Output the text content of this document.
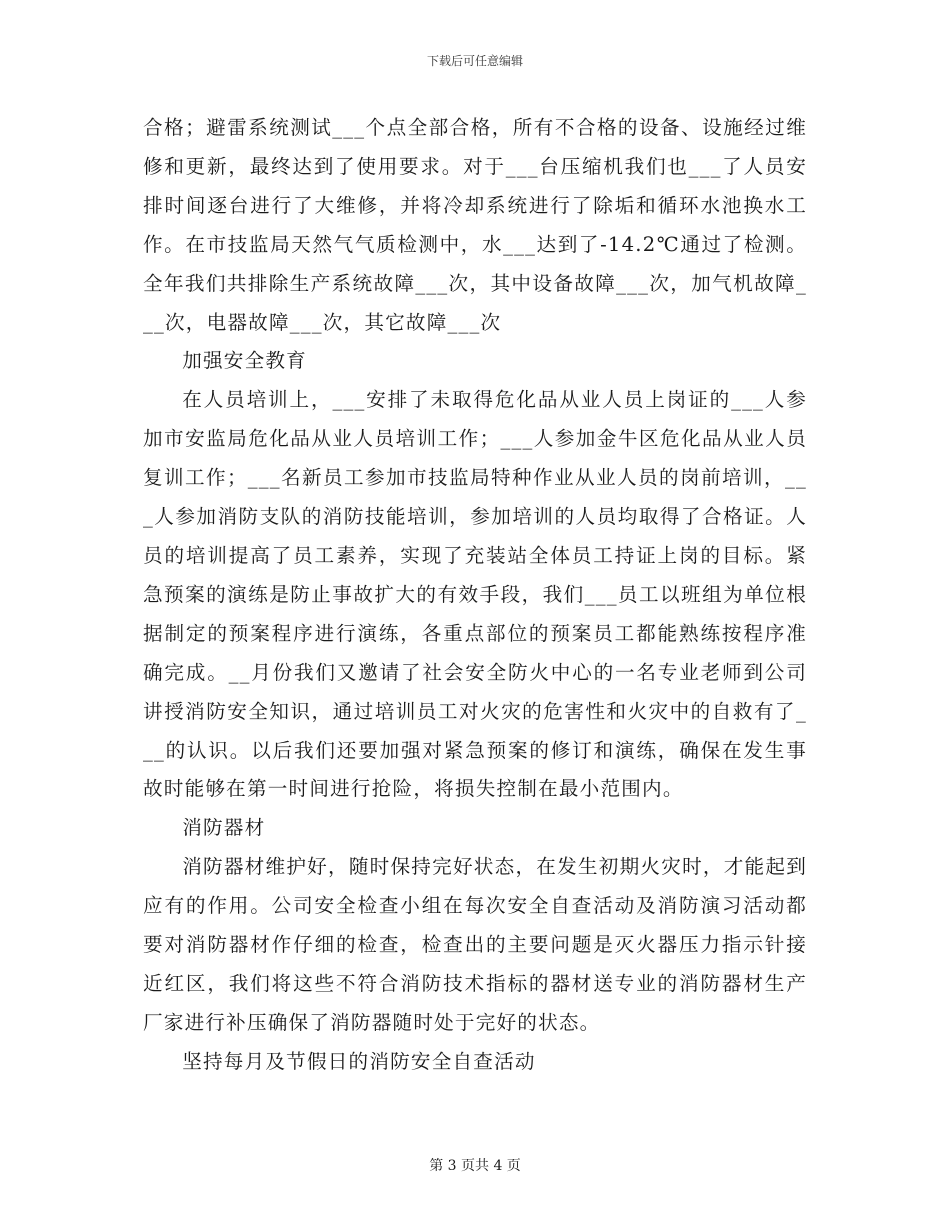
下载后可任意编辑

合格；避雷系统测试___个点全部合格，所有不合格的设备、设施经过维修和更新，最终达到了使用要求。对于___台压缩机我们也___了人员安排时间逐台进行了大维修，并将冷却系统进行了除垢和循环水池换水工作。在市技监局天然气气质检测中，水___达到了-14.2℃通过了检测。全年我们共排除生产系统故障___次，其中设备故障___次，加气机故障___次，电器故障___次，其它故障___次

加强安全教育

在人员培训上，___安排了未取得危化品从业人员上岗证的___人参加市安监局危化品从业人员培训工作；___人参加金牛区危化品从业人员复训工作；___名新员工参加市技监局特种作业从业人员的岗前培训，___人参加消防支队的消防技能培训，参加培训的人员均取得了合格证。人员的培训提高了员工素养，实现了充装站全体员工持证上岗的目标。紧急预案的演练是防止事故扩大的有效手段，我们___员工以班组为单位根据制定的预案程序进行演练，各重点部位的预案员工都能熟练按程序准确完成。__月份我们又邀请了社会安全防火中心的一名专业老师到公司讲授消防安全知识，通过培训员工对火灾的危害性和火灾中的自救有了___的认识。以后我们还要加强对紧急预案的修订和演练，确保在发生事故时能够在第一时间进行抢险，将损失控制在最小范围内。

消防器材

消防器材维护好，随时保持完好状态，在发生初期火灾时，才能起到应有的作用。公司安全检查小组在每次安全自查活动及消防演习活动都要对消防器材作仔细的检查，检查出的主要问题是灭火器压力指示针接近红区，我们将这些不符合消防技术指标的器材送专业的消防器材生产厂家进行补压确保了消防器随时处于完好的状态。

坚持每月及节假日的消防安全自查活动

第 3 页共 4 页
